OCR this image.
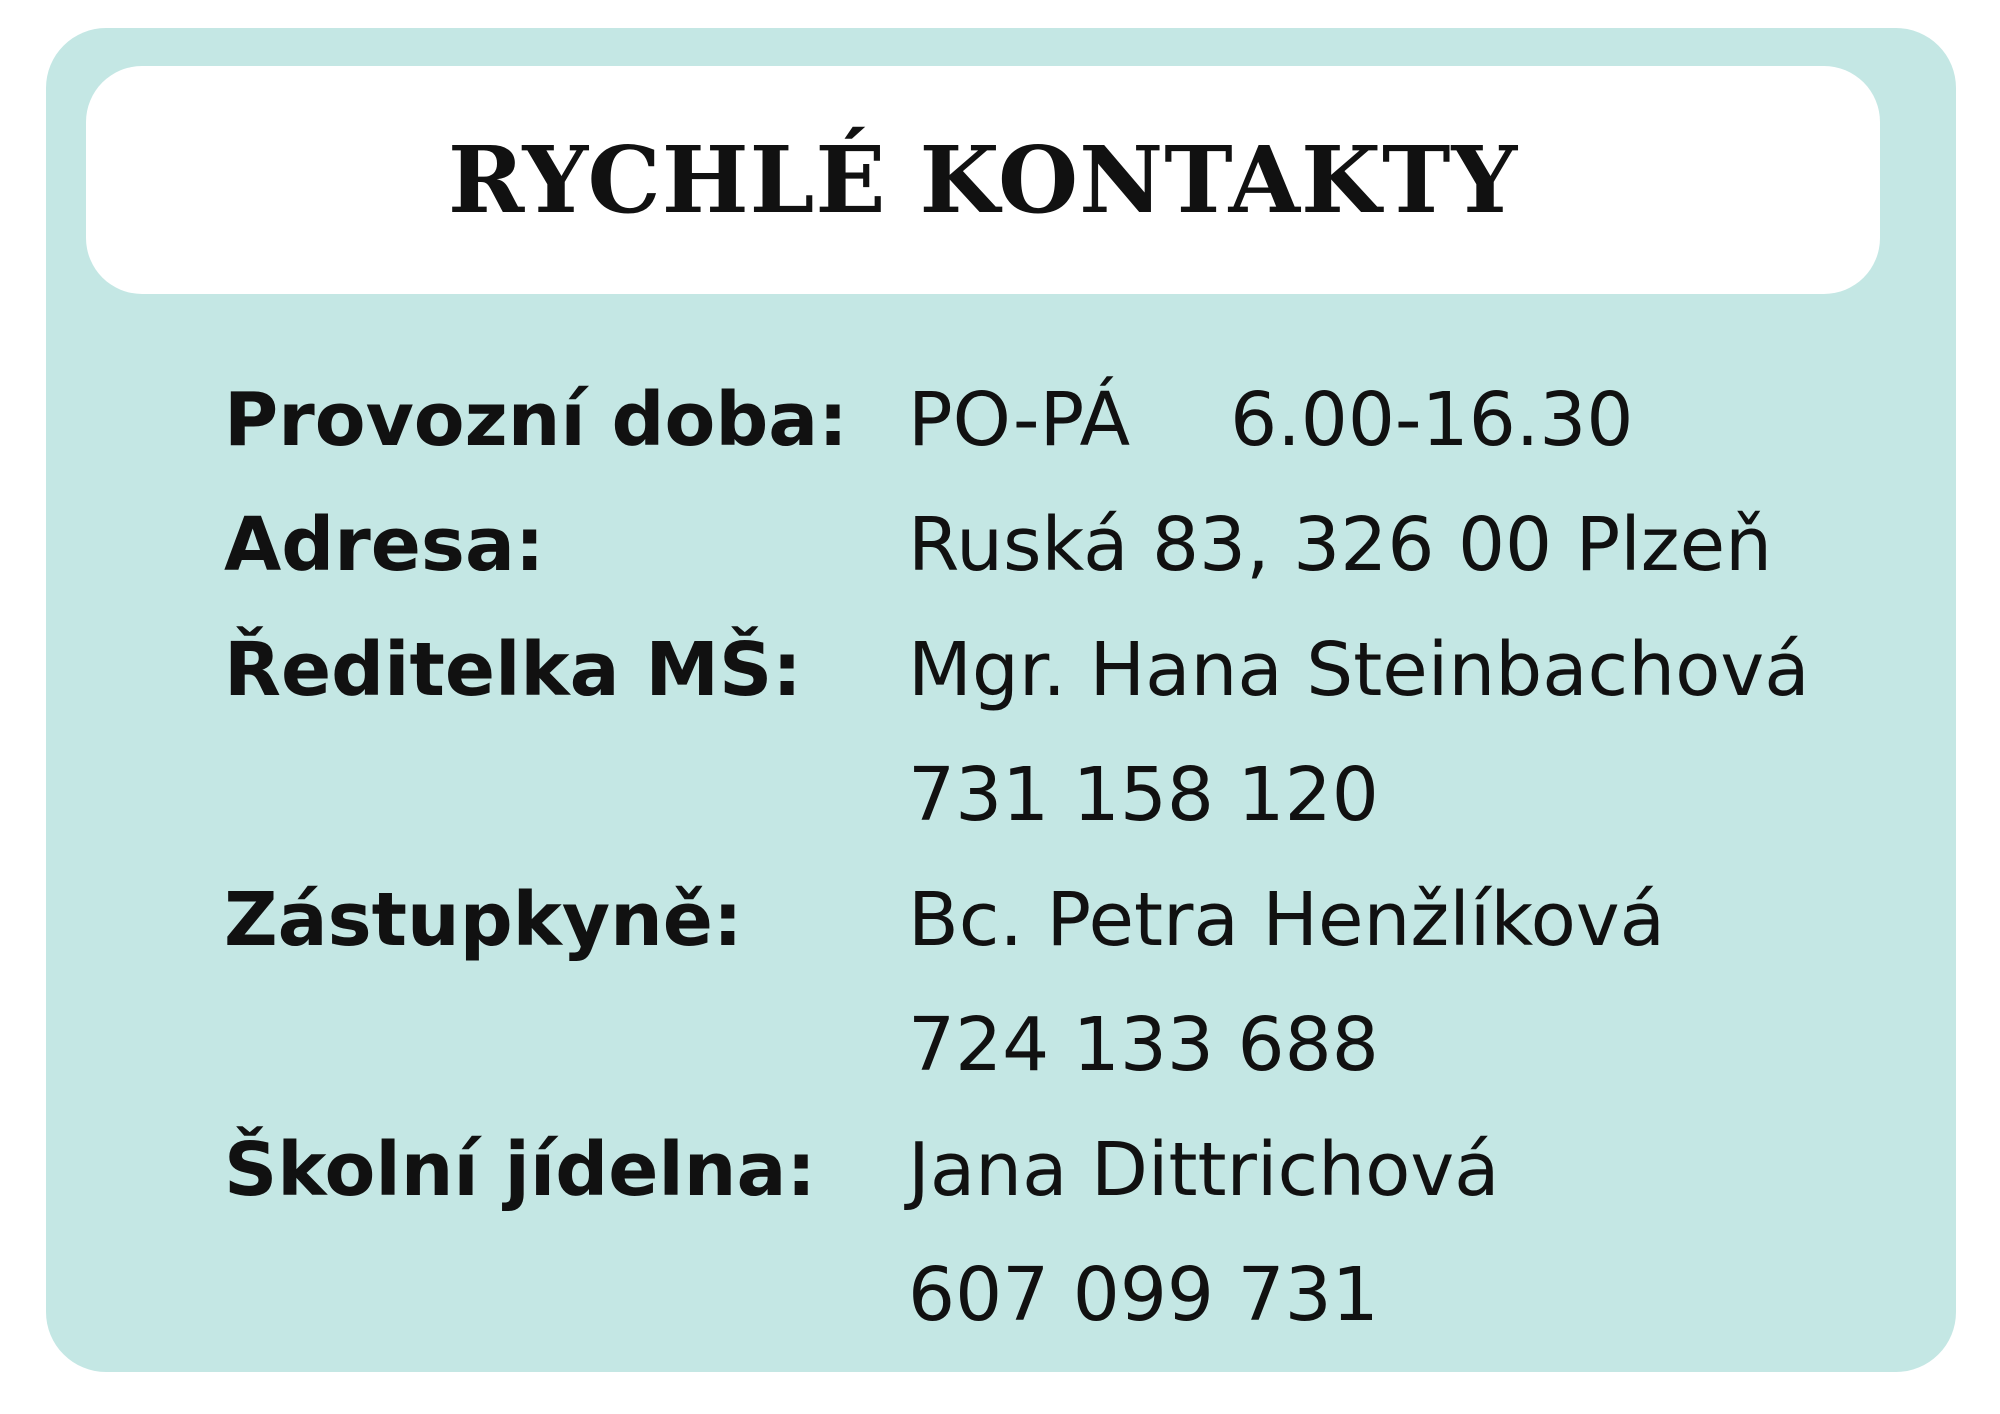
RYCHLÉ KONTAKTY
Provozní doba: PO-PÁ 6.00-16.30
Adresa:	Ruská 83, 326 00 Plzeň
Ředitelka MŠ: Mgr. Hana Steinbachová
731 158 120
Zástupkyně: Bc. Petra Henžlíková
724 133 688
Školní jídelna: Jana Dittrichová
607 099 731
